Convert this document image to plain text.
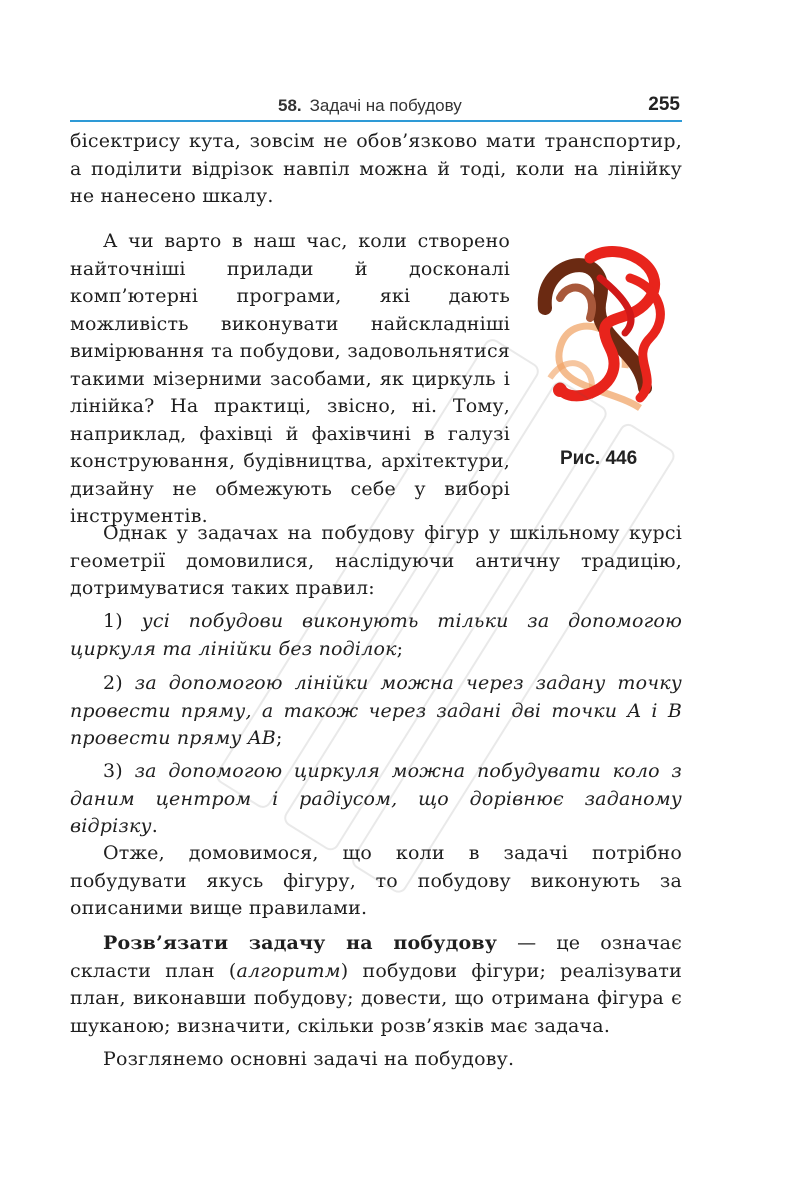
58. Задачі на побудову	255

бісектрису кута, зовсім не обов’язково мати транспортир, а поділити відрізок навпіл можна й тоді, коли на лінійку не нанесено шкалу.

А чи варто в наш час, коли створено найточніші прилади й досконалі комп’ютерні програми, які дають можливість виконувати найскладніші вимірювання та побудови, задовольнятися такими мізерними засобами, як циркуль і лінійка? На практиці, звісно, ні. Тому, наприклад, фахівці й фахівчині в галузі конструювання, будівництва, архітектури, дизайну не обмежують себе у виборі інструментів.

Рис. 446

Однак у задачах на побудову фігур у шкільному курсі геометрії домовилися, наслідуючи античну традицію, дотримуватися таких правил:

1) усі побудови виконують тільки за допомогою циркуля та лінійки без поділок;

2) за допомогою лінійки можна через задану точку провести пряму, а також через задані дві точки A і B провести пряму AB;

3) за допомогою циркуля можна побудувати коло з даним центром і радіусом, що дорівнює заданому відрізку.

Отже, домовимося, що коли в задачі потрібно побудувати якусь фігуру, то побудову виконують за описаними вище правилами.

Розв’язати задачу на побудову — це означає скласти план (алгоритм) побудови фігури; реалізувати план, виконавши побудову; довести, що отримана фігура є шуканою; визначити, скільки розв’язків має задача.

Розглянемо основні задачі на побудову.
